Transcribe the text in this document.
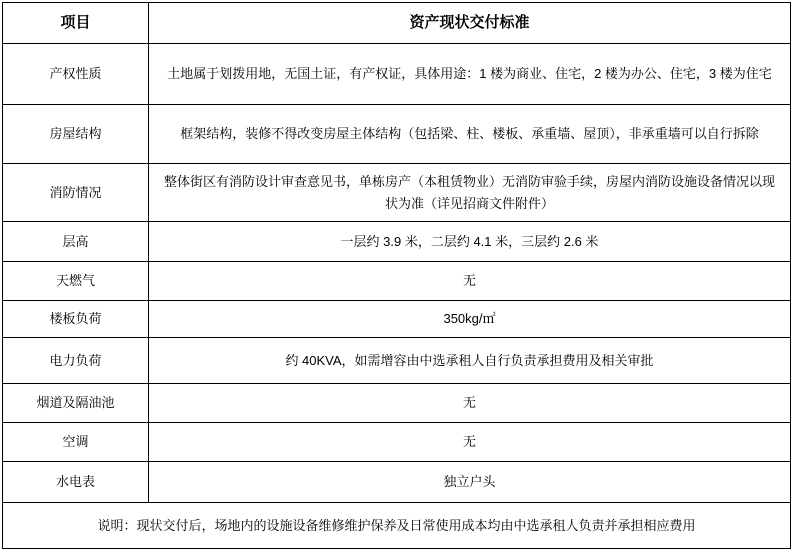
项目	资产现状交付标准
产权性质	土地属于划拨用地，无国土证，有产权证，具体用途：1 楼为商业、住宅，2 楼为办公、住宅，3 楼为住宅
房屋结构	框架结构，装修不得改变房屋主体结构（包括梁、柱、楼板、承重墙、屋顶），非承重墙可以自行拆除
消防情况	整体街区有消防设计审查意见书，单栋房产（本租赁物业）无消防审验手续，房屋内消防设施设备情况以现状为准（详见招商文件附件）
层高	一层约 3.9 米，二层约 4.1 米，三层约 2.6 米
天燃气	无
楼板负荷	350kg/㎡
电力负荷	约 40KVA，如需增容由中选承租人自行负责承担费用及相关审批
烟道及隔油池	无
空调	无
水电表	独立户头
说明：现状交付后，场地内的设施设备维修维护保养及日常使用成本均由中选承租人负责并承担相应费用	
